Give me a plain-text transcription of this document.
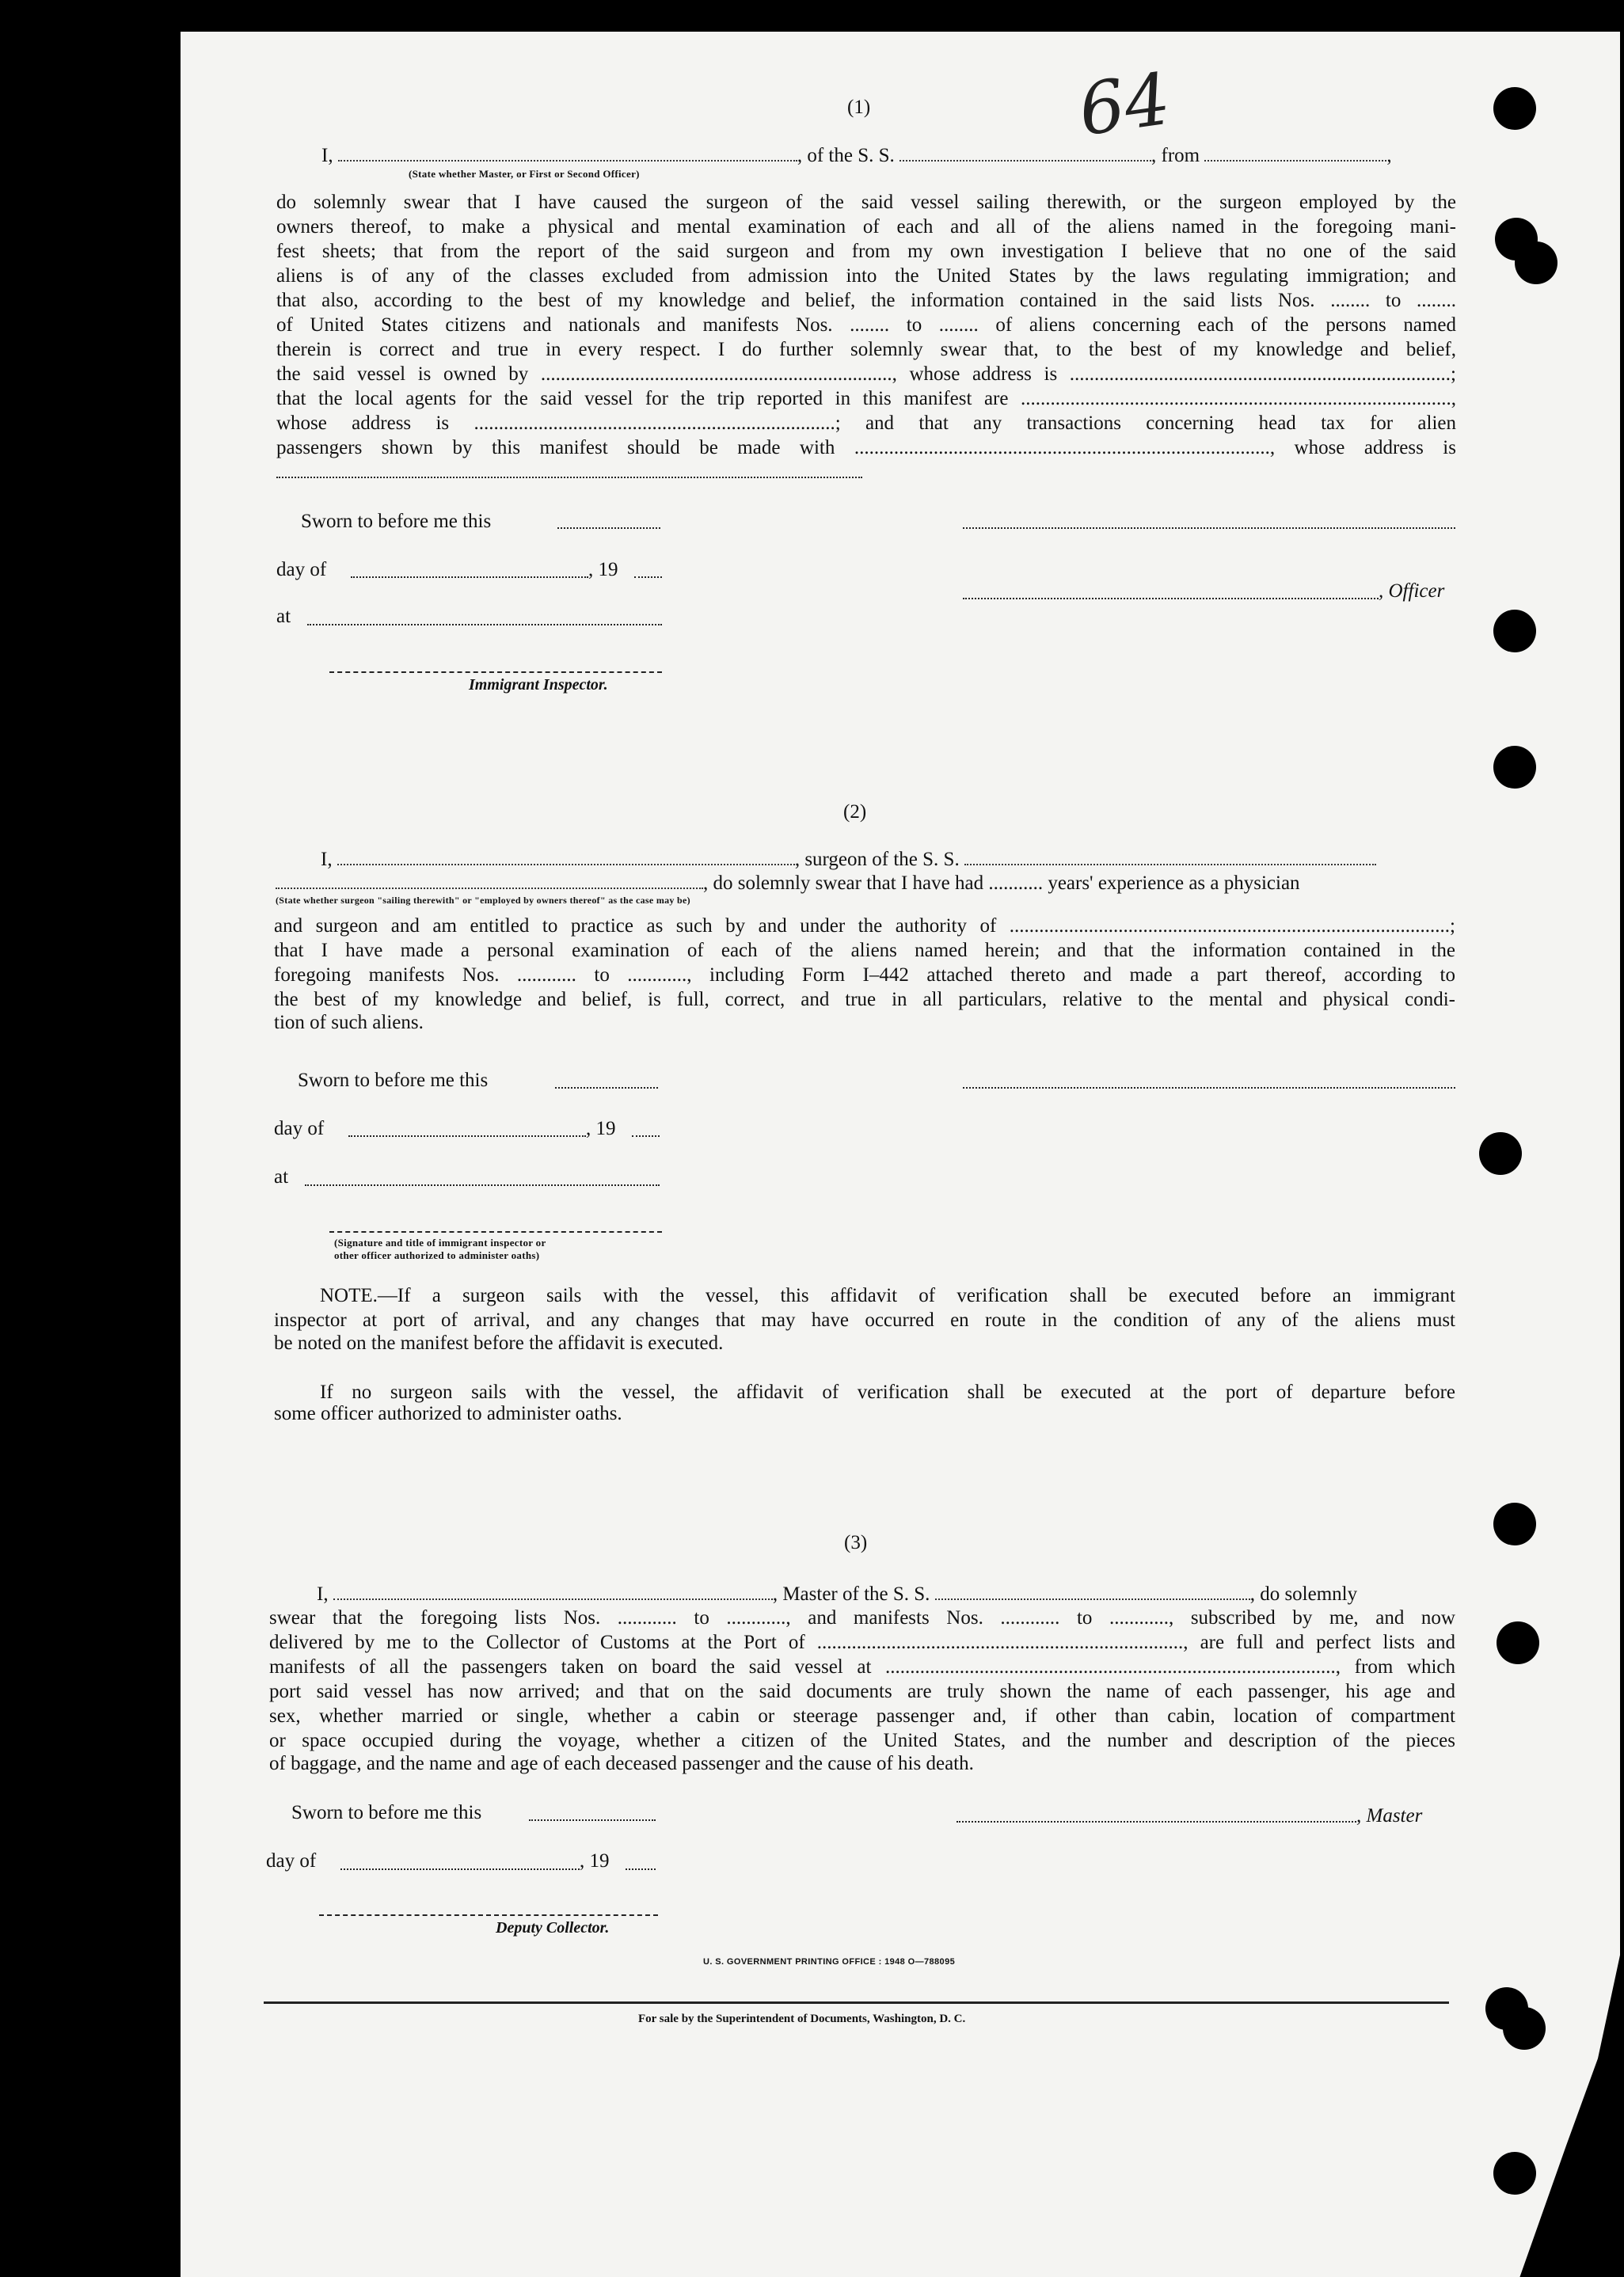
64
(1)
I,	, of the S. S.	, from	,
(State whether Master, or First or Second Officer)
do solemnly swear that I have caused the surgeon of the said vessel sailing therewith, or the surgeon employed by the
owners thereof, to make a physical and mental examination of each and all of the aliens named in the foregoing mani-
fest sheets; that from the report of the said surgeon and from my own investigation I believe that no one of the said
aliens is of any of the classes excluded from admission into the United States by the laws regulating immigration; and
that also, according to the best of my knowledge and belief, the information contained in the said lists Nos. ........ to ........
of United States citizens and nationals and manifests Nos. ........ to ........ of aliens concerning each of the persons named
therein is correct and true in every respect. I do further solemnly swear that, to the best of my knowledge and belief,
the said vessel is owned by ......................................................................., whose address is .............................................................................;
that the local agents for the said vessel for the trip reported in this manifest are .......................................................................................,
whose address is .........................................................................; and that any transactions concerning head tax for alien
passengers shown by this manifest should be made with ...................................................................................., whose address is
Sworn to before me this
day of	, 19
, Officer
at
Immigrant Inspector.
(2)
I,	, surgeon of the S. S.
, do solemnly swear that I have had ........... years' experience as a physician
(State whether surgeon "sailing therewith" or "employed by owners thereof" as the case may be)
and surgeon and am entitled to practice as such by and under the authority of .........................................................................................;
that I have made a personal examination of each of the aliens named herein; and that the information contained in the
foregoing manifests Nos. ............ to ............, including Form I–442 attached thereto and made a part thereof, according to
the best of my knowledge and belief, is full, correct, and true in all particulars, relative to the mental and physical condi-
tion of such aliens.
Sworn to before me this
day of	, 19
at
(Signature and title of immigrant inspector or
other officer authorized to administer oaths)
NOTE.—If a surgeon sails with the vessel, this affidavit of verification shall be executed before an immigrant
inspector at port of arrival, and any changes that may have occurred en route in the condition of any of the aliens must
be noted on the manifest before the affidavit is executed.
If no surgeon sails with the vessel, the affidavit of verification shall be executed at the port of departure before
some officer authorized to administer oaths.
(3)
I,	, Master of the S. S.	, do solemnly
swear that the foregoing lists Nos. ............ to ............, and manifests Nos. ............ to ............, subscribed by me, and now
delivered by me to the Collector of Customs at the Port of .........................................................................., are full and perfect lists and
manifests of all the passengers taken on board the said vessel at ..........................................................................................., from which
port said vessel has now arrived; and that on the said documents are truly shown the name of each passenger, his age and
sex, whether married or single, whether a cabin or steerage passenger and, if other than cabin, location of compartment
or space occupied during the voyage, whether a citizen of the United States, and the number and description of the pieces
of baggage, and the name and age of each deceased passenger and the cause of his death.
Sworn to before me this	, Master
day of	, 19
Deputy Collector.
U. S. GOVERNMENT PRINTING OFFICE : 1948 O—788095
For sale by the Superintendent of Documents, Washington, D. C.
